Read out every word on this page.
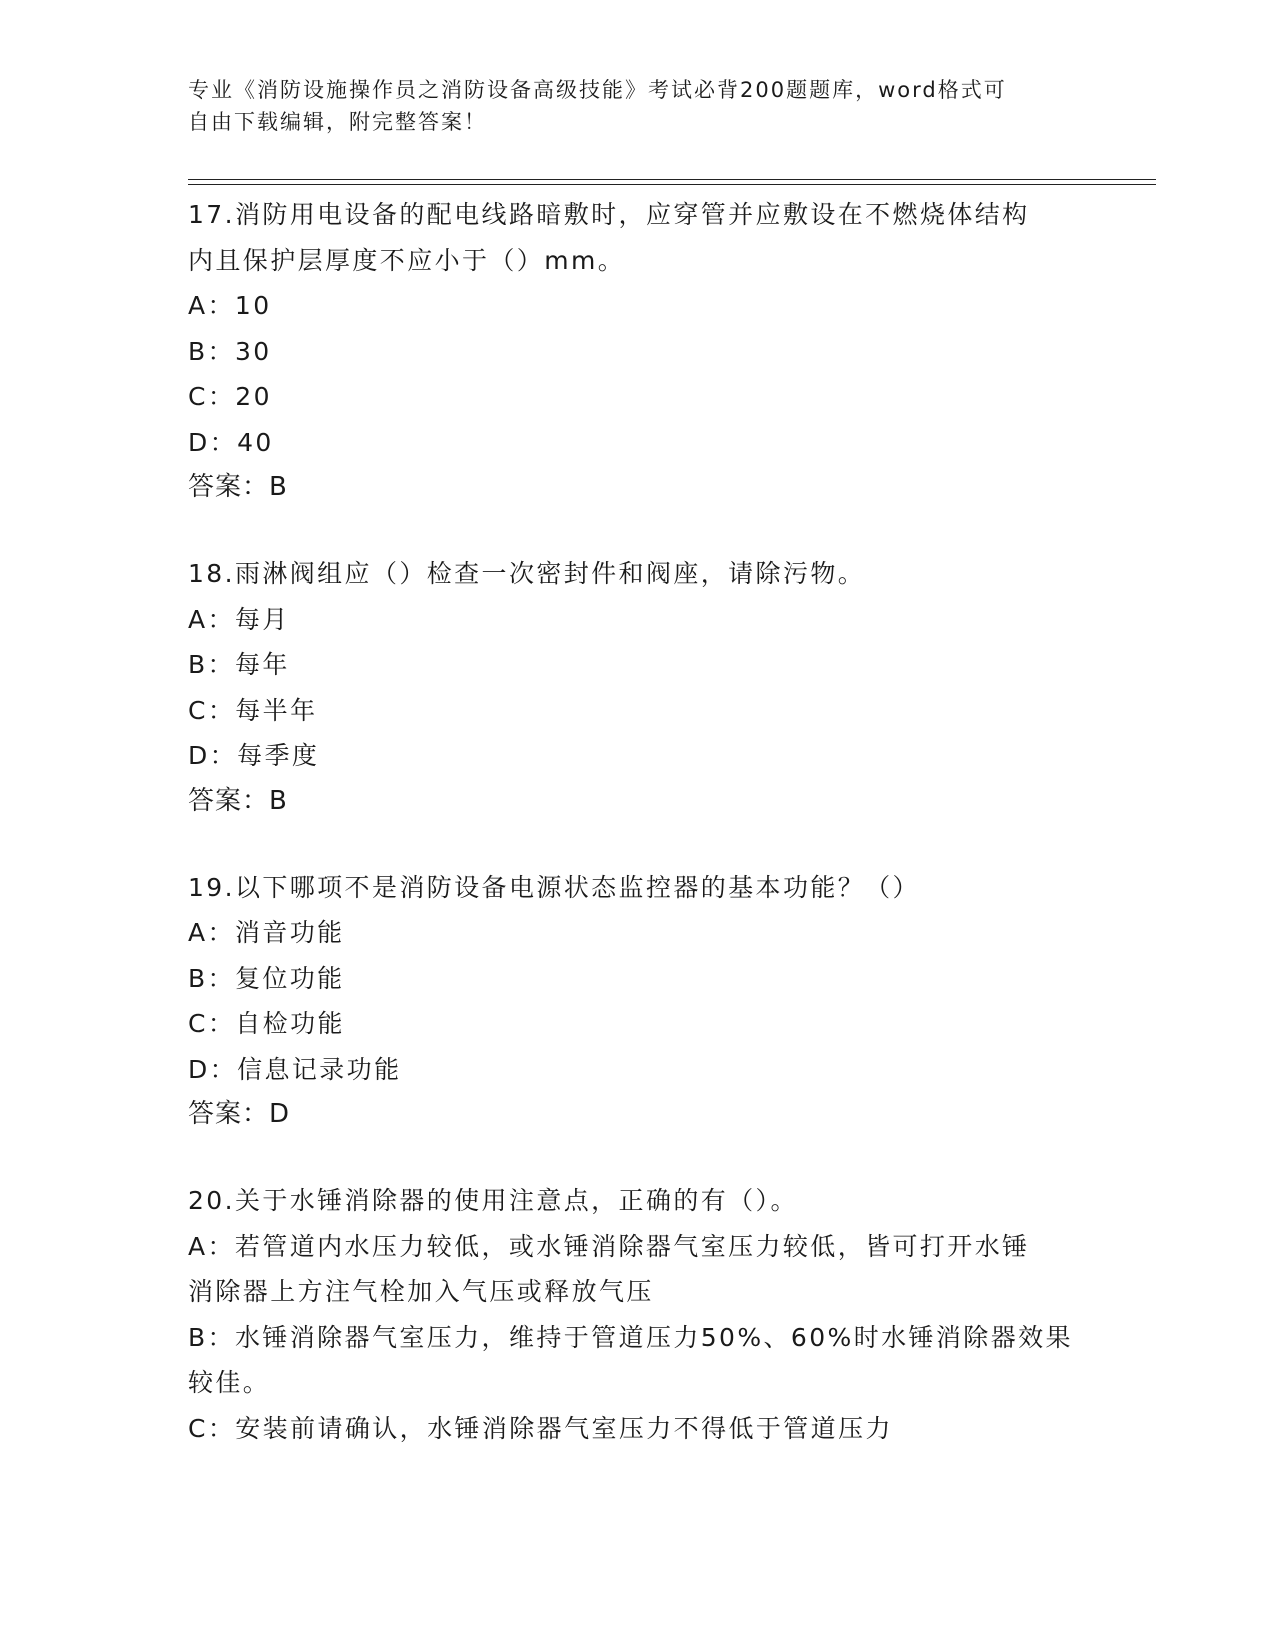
专业《消防设施操作员之消防设备高级技能》考试必背200题题库，word格式可
自由下载编辑，附完整答案！
17.消防用电设备的配电线路暗敷时，应穿管并应敷设在不燃烧体结构
内且保护层厚度不应小于（）mm。
A：10
B：30
C：20
D：40
答案：B
18.雨淋阀组应（）检查一次密封件和阀座，请除污物。
A：每月
B：每年
C：每半年
D：每季度
答案：B
19.以下哪项不是消防设备电源状态监控器的基本功能？（）
A：消音功能
B：复位功能
C：自检功能
D：信息记录功能
答案：D
20.关于水锤消除器的使用注意点，正确的有（）。
A：若管道内水压力较低，或水锤消除器气室压力较低，皆可打开水锤
消除器上方注气栓加入气压或释放气压
B：水锤消除器气室压力，维持于管道压力50%、60%时水锤消除器效果
较佳。
C：安装前请确认，水锤消除器气室压力不得低于管道压力
